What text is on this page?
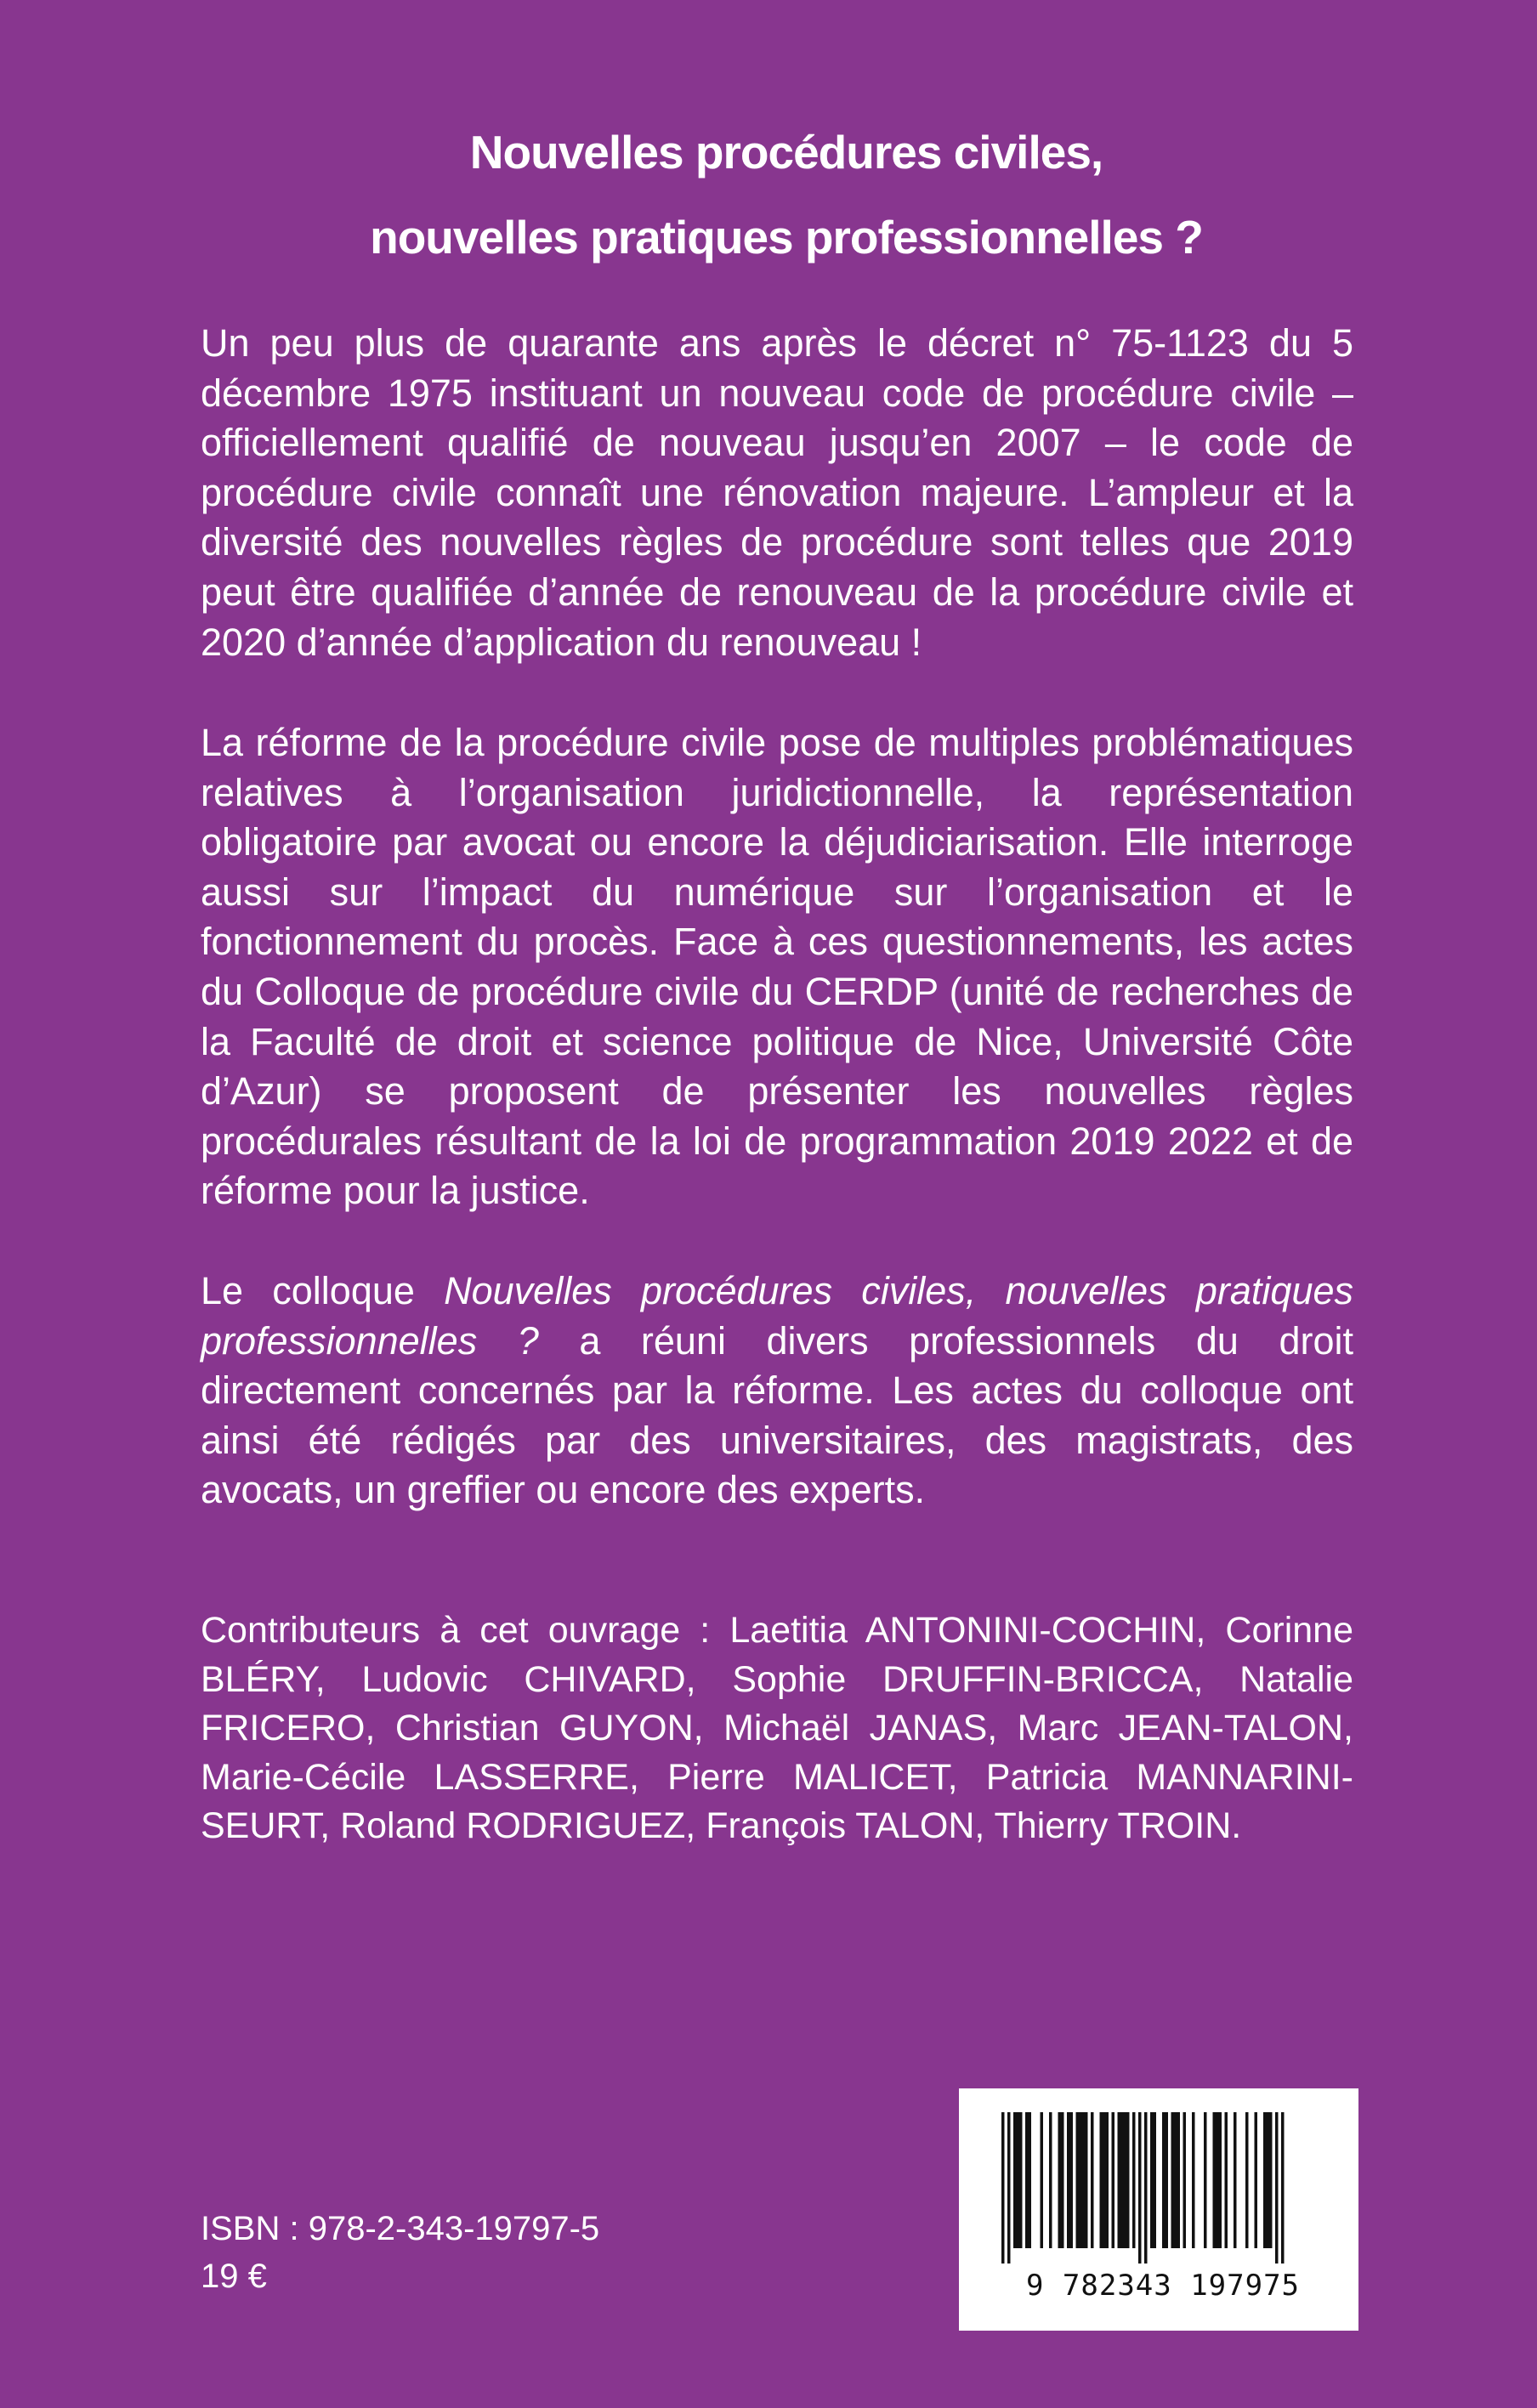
Nouvelles procédures civiles,
nouvelles pratiques professionnelles ?

Un peu plus de quarante ans après le décret n° 75-1123 du 5 décembre 1975 instituant un nouveau code de procédure civile – officiellement qualifié de nouveau jusqu’en 2007 – le code de procédure civile connaît une rénovation majeure. L’ampleur et la diversité des nouvelles règles de procédure sont telles que 2019 peut être qualifiée d’année de renouveau de la procédure civile et 2020 d’année d’application du renouveau !

La réforme de la procédure civile pose de multiples problématiques relatives à l’organisation juridictionnelle, la représentation obligatoire par avocat ou encore la déjudiciarisation. Elle interroge aussi sur l’impact du numérique sur l’organisation et le fonctionnement du procès. Face à ces questionnements, les actes du Colloque de procédure civile du CERDP (unité de recherches de la Faculté de droit et science politique de Nice, Université Côte d’Azur) se proposent de présenter les nouvelles règles procédurales résultant de la loi de programmation 2019 2022 et de réforme pour la justice.

Le colloque Nouvelles procédures civiles, nouvelles pratiques professionnelles ? a réuni divers professionnels du droit directement concernés par la réforme. Les actes du colloque ont ainsi été rédigés par des universitaires, des magistrats, des avocats, un greffier ou encore des experts.

Contributeurs à cet ouvrage : Laetitia ANTONINI-COCHIN, Corinne BLÉRY, Ludovic CHIVARD, Sophie DRUFFIN-BRICCA, Natalie FRICERO, Christian GUYON, Michaël JANAS, Marc JEAN-TALON, Marie-Cécile LASSERRE, Pierre MALICET, Patricia MANNARINI-SEURT, Roland RODRIGUEZ, François TALON, Thierry TROIN.

ISBN : 978-2-343-19797-5

19 €	9 782343 197975
